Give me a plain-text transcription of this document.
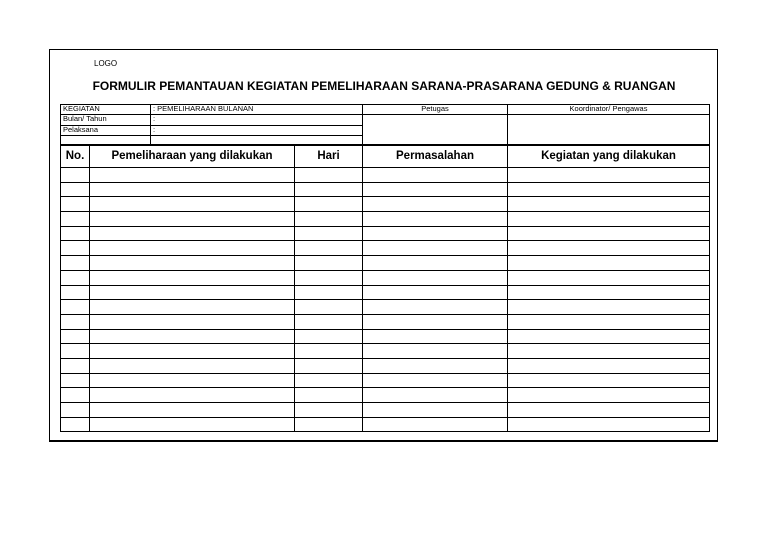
LOGO
FORMULIR PEMANTAUAN KEGIATAN PEMELIHARAAN SARANA-PRASARANA GEDUNG & RUANGAN
KEGIATAN	: PEMELIHARAAN BULANAN	Petugas	Koordinator/ Pengawas
Bulan/ Tahun	:		
Pelaksana	:		

No.	Pemeliharaan yang dilakukan	Hari	Permasalahan	Kegiatan yang dilakukan
